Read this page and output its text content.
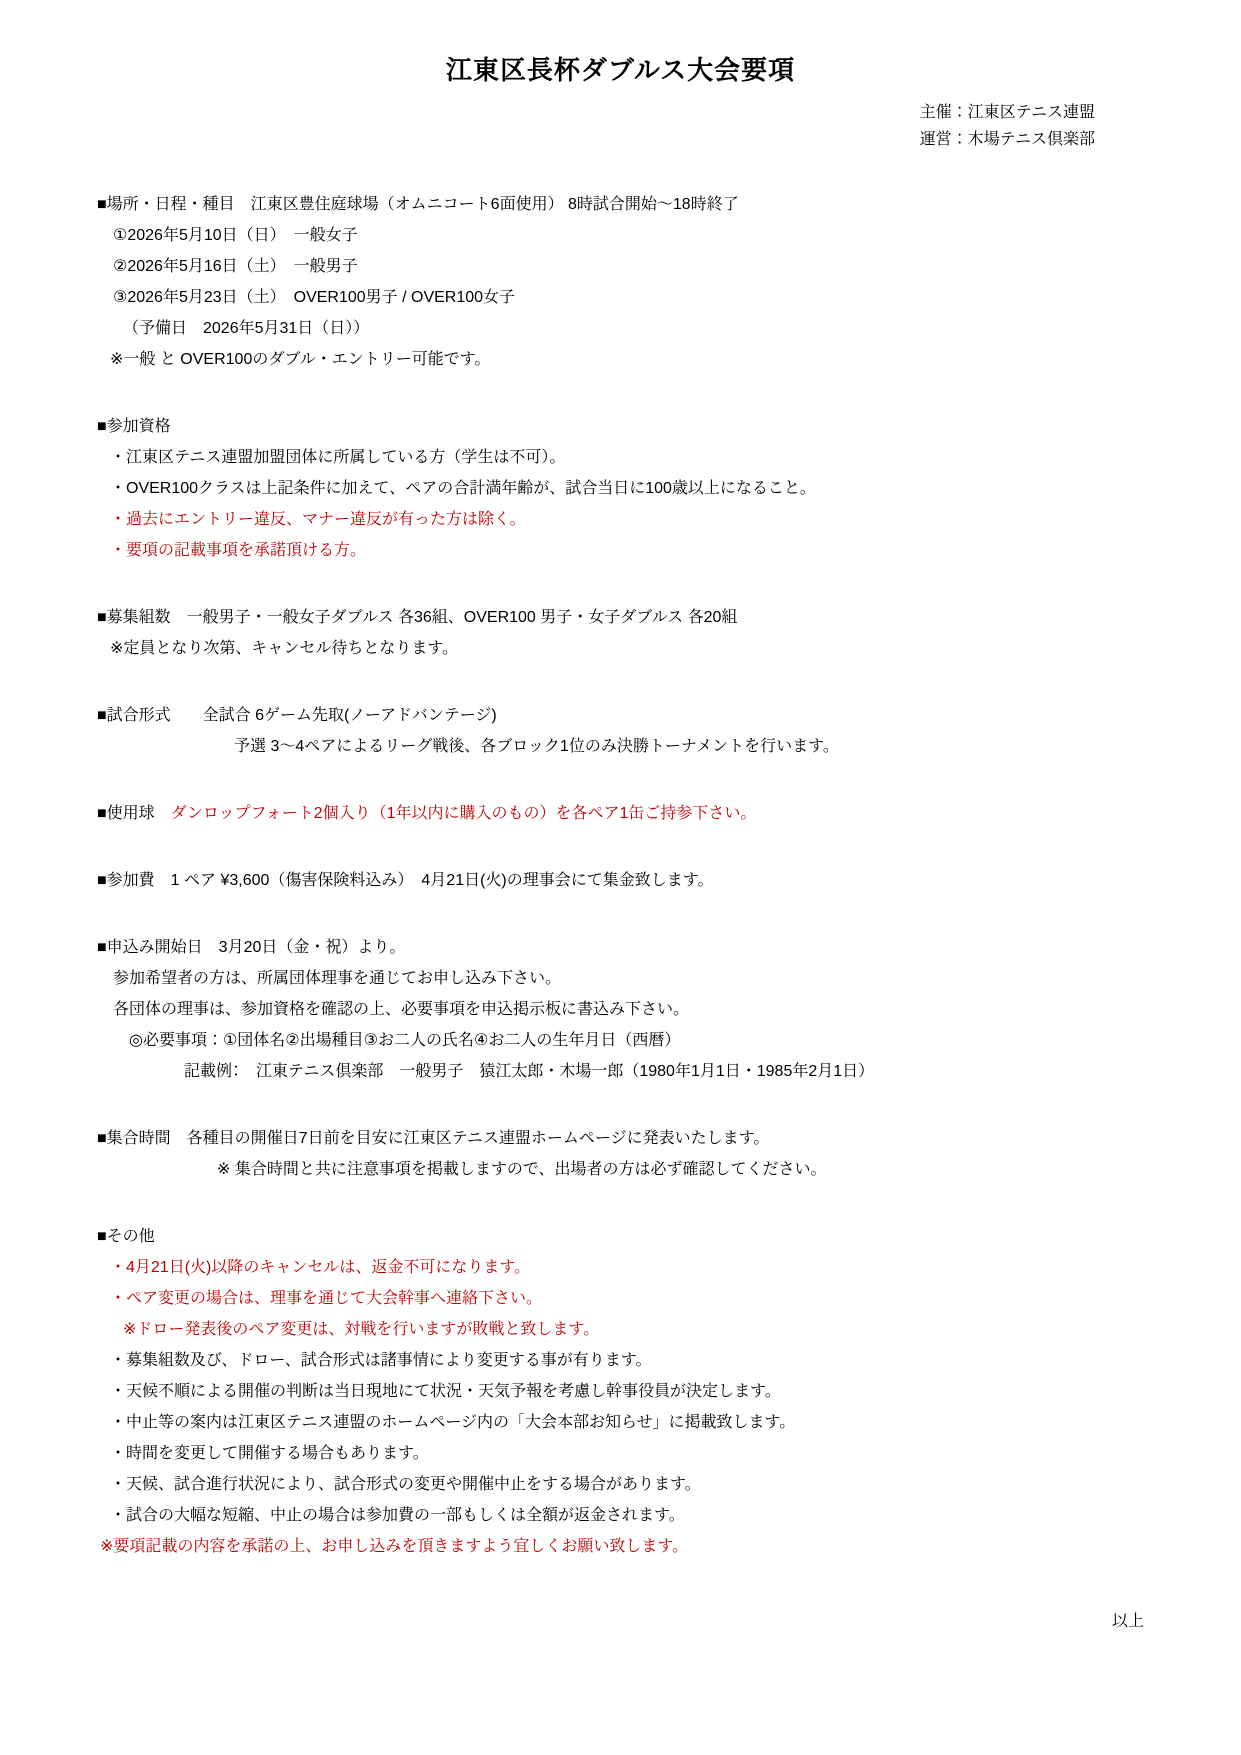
江東区長杯ダブルス大会要項
主催：江東区テニス連盟
運営：木場テニス倶楽部
■場所・日程・種目　江東区豊住庭球場（オムニコート6面使用） 8時試合開始～18時終了
①2026年5月10日（日）　一般女子
②2026年5月16日（土）　一般男子
③2026年5月23日（土）　OVER100男子 / OVER100女子
（予備日　2026年5月31日（日））
※一般 と OVER100のダブル・エントリー可能です。
■参加資格
・江東区テニス連盟加盟団体に所属している方（学生は不可）。
・OVER100クラスは上記条件に加えて、ペアの合計満年齢が、試合当日に100歳以上になること。
・過去にエントリー違反、マナー違反が有った方は除く。
・要項の記載事項を承諾頂ける方。
■募集組数　一般男子・一般女子ダブルス 各36組、OVER100 男子・女子ダブルス 各20組
※定員となり次第、キャンセル待ちとなります。
■試合形式　　全試合 6ゲーム先取(ノーアドバンテージ)
予選 3～4ペアによるリーグ戦後、各ブロック1位のみ決勝トーナメントを行います。
■使用球　ダンロップフォート2個入り（1年以内に購入のもの）を各ペア1缶ご持参下さい。
■参加費　1 ペア ¥3,600（傷害保険料込み）　4月21日(火)の理事会にて集金致します。
■申込み開始日　3月20日（金・祝）より。
参加希望者の方は、所属団体理事を通じてお申し込み下さい。
各団体の理事は、参加資格を確認の上、必要事項を申込掲示板に書込み下さい。
◎必要事項：①団体名②出場種目③お二人の氏名④お二人の生年月日（西暦）
記載例：　江東テニス倶楽部　一般男子　猿江太郎・木場一郎（1980年1月1日・1985年2月1日）
■集合時間　各種目の開催日7日前を目安に江東区テニス連盟ホームページに発表いたします。
※ 集合時間と共に注意事項を掲載しますので、出場者の方は必ず確認してください。
■その他
・4月21日(火)以降のキャンセルは、返金不可になります。
・ペア変更の場合は、理事を通じて大会幹事へ連絡下さい。
※ドロー発表後のペア変更は、対戦を行いますが敗戦と致します。
・募集組数及び、ドロー、試合形式は諸事情により変更する事が有ります。
・天候不順による開催の判断は当日現地にて状況・天気予報を考慮し幹事役員が決定します。
・中止等の案内は江東区テニス連盟のホームページ内の「大会本部お知らせ」に掲載致します。
・時間を変更して開催する場合もあります。
・天候、試合進行状況により、試合形式の変更や開催中止をする場合があります。
・試合の大幅な短縮、中止の場合は参加費の一部もしくは全額が返金されます。
※要項記載の内容を承諾の上、お申し込みを頂きますよう宜しくお願い致します。
以上
